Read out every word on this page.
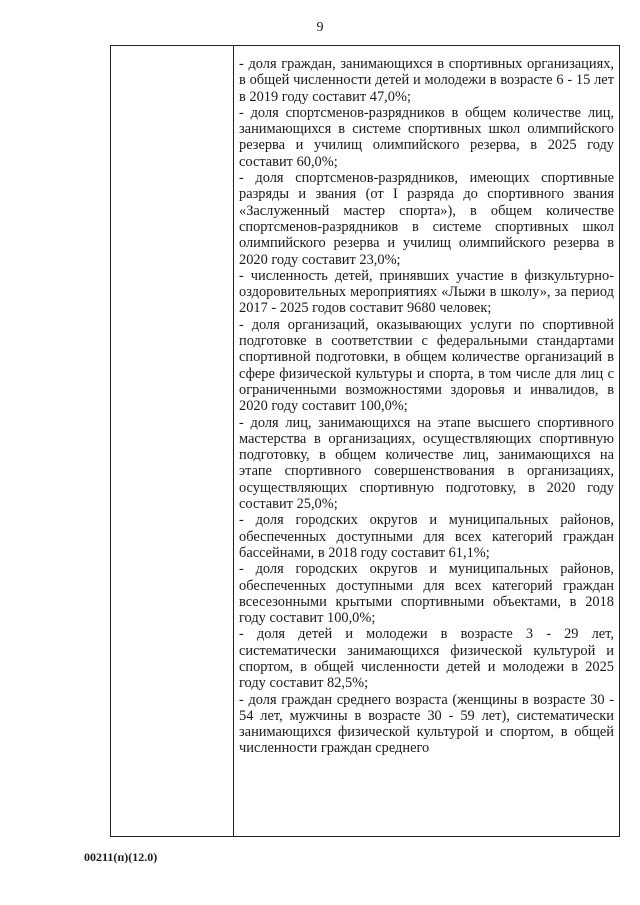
9

- доля граждан, занимающихся в спортивных организациях, в общей численности детей и молодежи в возрасте 6 - 15 лет в 2019 году составит 47,0%;

- доля спортсменов-разрядников в общем количестве лиц, занимающихся в системе спортивных школ олимпийского резерва и училищ олимпийского резерва, в 2025 году составит 60,0%;

- доля спортсменов-разрядников, имеющих спортивные разряды и звания (от I разряда до спортивного звания «Заслуженный мастер спорта»), в общем количестве спортсменов-разрядников в системе спортивных школ олимпийского резерва и училищ олимпийского резерва в 2020 году составит 23,0%;

- численность детей, принявших участие в физкультурно-оздоровительных мероприятиях «Лыжи в школу», за период 2017 - 2025 годов составит 9680 человек;

- доля организаций, оказывающих услуги по спортивной подготовке в соответствии с федеральными стандартами спортивной подготовки, в общем количестве организаций в сфере физической культуры и спорта, в том числе для лиц с ограниченными возможностями здоровья и инвалидов, в 2020 году составит 100,0%;

- доля лиц, занимающихся на этапе высшего спортивного мастерства в организациях, осуществляющих спортивную подготовку, в общем количестве лиц, занимающихся на этапе спортивного совершенствования в организациях, осуществляющих спортивную подготовку, в 2020 году составит 25,0%;

- доля городских округов и муниципальных районов, обеспеченных доступными для всех категорий граждан бассейнами, в 2018 году составит 61,1%;

- доля городских округов и муниципальных районов, обеспеченных доступными для всех категорий граждан всесезонными крытыми спортивными объектами, в 2018 году составит 100,0%;

- доля детей и молодежи в возрасте 3 - 29 лет, систематически занимающихся физической культурой и спортом, в общей численности детей и молодежи в 2025 году составит 82,5%;

- доля граждан среднего возраста (женщины в возрасте 30 - 54 лет, мужчины в возрасте 30 - 59 лет), систематически занимающихся физической культурой и спортом, в общей численности граждан среднего

00211(п)(12.0)
